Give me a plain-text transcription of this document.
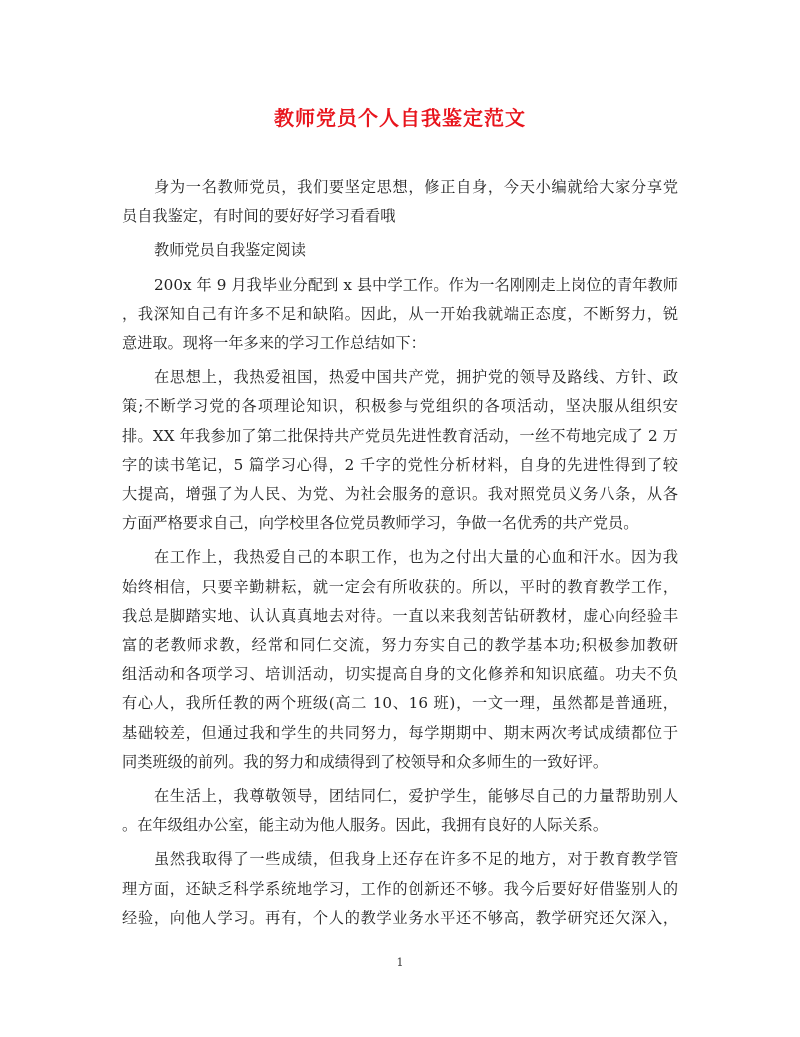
教师党员个人自我鉴定范文

身为一名教师党员，我们要坚定思想，修正自身，今天小编就给大家分享党
员自我鉴定，有时间的要好好学习看看哦

教师党员自我鉴定阅读

200x 年 9 月我毕业分配到 x 县中学工作。作为一名刚刚走上岗位的青年教师
，我深知自己有许多不足和缺陷。因此，从一开始我就端正态度，不断努力，锐
意进取。现将一年多来的学习工作总结如下：

在思想上，我热爱祖国，热爱中国共产党，拥护党的领导及路线、方针、政
策;不断学习党的各项理论知识，积极参与党组织的各项活动，坚决服从组织安
排。XX 年我参加了第二批保持共产党员先进性教育活动，一丝不苟地完成了 2 万
字的读书笔记，5 篇学习心得，2 千字的党性分析材料，自身的先进性得到了较
大提高，增强了为人民、为党、为社会服务的意识。我对照党员义务八条，从各
方面严格要求自己，向学校里各位党员教师学习，争做一名优秀的共产党员。

在工作上，我热爱自己的本职工作，也为之付出大量的心血和汗水。因为我
始终相信，只要辛勤耕耘，就一定会有所收获的。所以，平时的教育教学工作，
我总是脚踏实地、认认真真地去对待。一直以来我刻苦钻研教材，虚心向经验丰
富的老教师求教，经常和同仁交流，努力夯实自己的教学基本功;积极参加教研
组活动和各项学习、培训活动，切实提高自身的文化修养和知识底蕴。功夫不负
有心人，我所任教的两个班级(高二 10、16 班)，一文一理，虽然都是普通班，
基础较差，但通过我和学生的共同努力，每学期期中、期末两次考试成绩都位于
同类班级的前列。我的努力和成绩得到了校领导和众多师生的一致好评。

在生活上，我尊敬领导，团结同仁，爱护学生，能够尽自己的力量帮助别人
。在年级组办公室，能主动为他人服务。因此，我拥有良好的人际关系。

虽然我取得了一些成绩，但我身上还存在许多不足的地方，对于教育教学管
理方面，还缺乏科学系统地学习，工作的创新还不够。我今后要好好借鉴别人的
经验，向他人学习。再有，个人的教学业务水平还不够高，教学研究还欠深入，

1
